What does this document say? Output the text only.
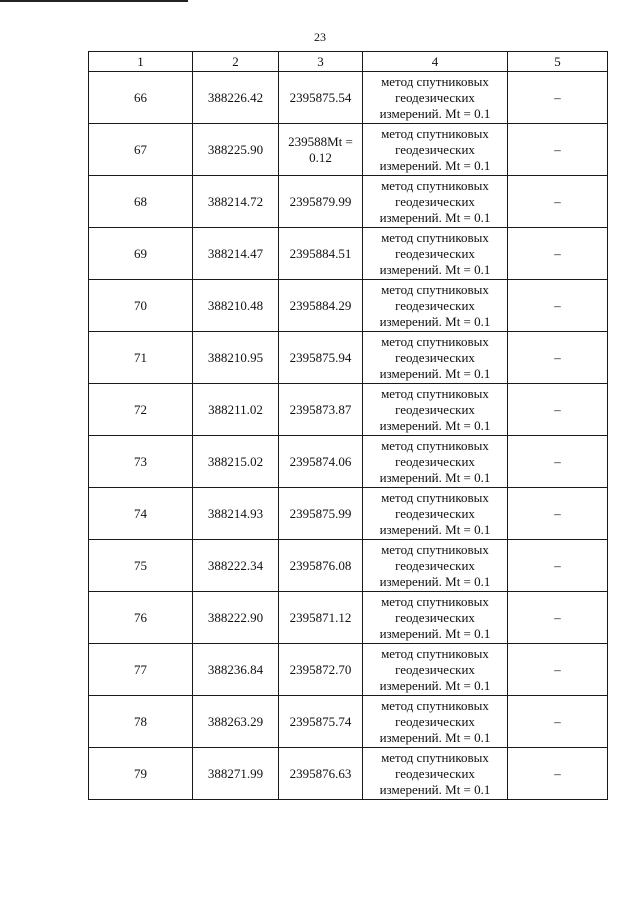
23
1	2	3	4	5
66	388226.42	2395875.54	метод спутниковых геодезических измерений. Mt = 0.1	–
67	388225.90	239588Mt = 0.12	метод спутниковых геодезических измерений. Mt = 0.1	–
68	388214.72	2395879.99	метод спутниковых геодезических измерений. Mt = 0.1	–
69	388214.47	2395884.51	метод спутниковых геодезических измерений. Mt = 0.1	–
70	388210.48	2395884.29	метод спутниковых геодезических измерений. Mt = 0.1	–
71	388210.95	2395875.94	метод спутниковых геодезических измерений. Mt = 0.1	–
72	388211.02	2395873.87	метод спутниковых геодезических измерений. Mt = 0.1	–
73	388215.02	2395874.06	метод спутниковых геодезических измерений. Mt = 0.1	–
74	388214.93	2395875.99	метод спутниковых геодезических измерений. Mt = 0.1	–
75	388222.34	2395876.08	метод спутниковых геодезических измерений. Mt = 0.1	–
76	388222.90	2395871.12	метод спутниковых геодезических измерений. Mt = 0.1	–
77	388236.84	2395872.70	метод спутниковых геодезических измерений. Mt = 0.1	–
78	388263.29	2395875.74	метод спутниковых геодезических измерений. Mt = 0.1	–
79	388271.99	2395876.63	метод спутниковых геодезических измерений. Mt = 0.1	–
